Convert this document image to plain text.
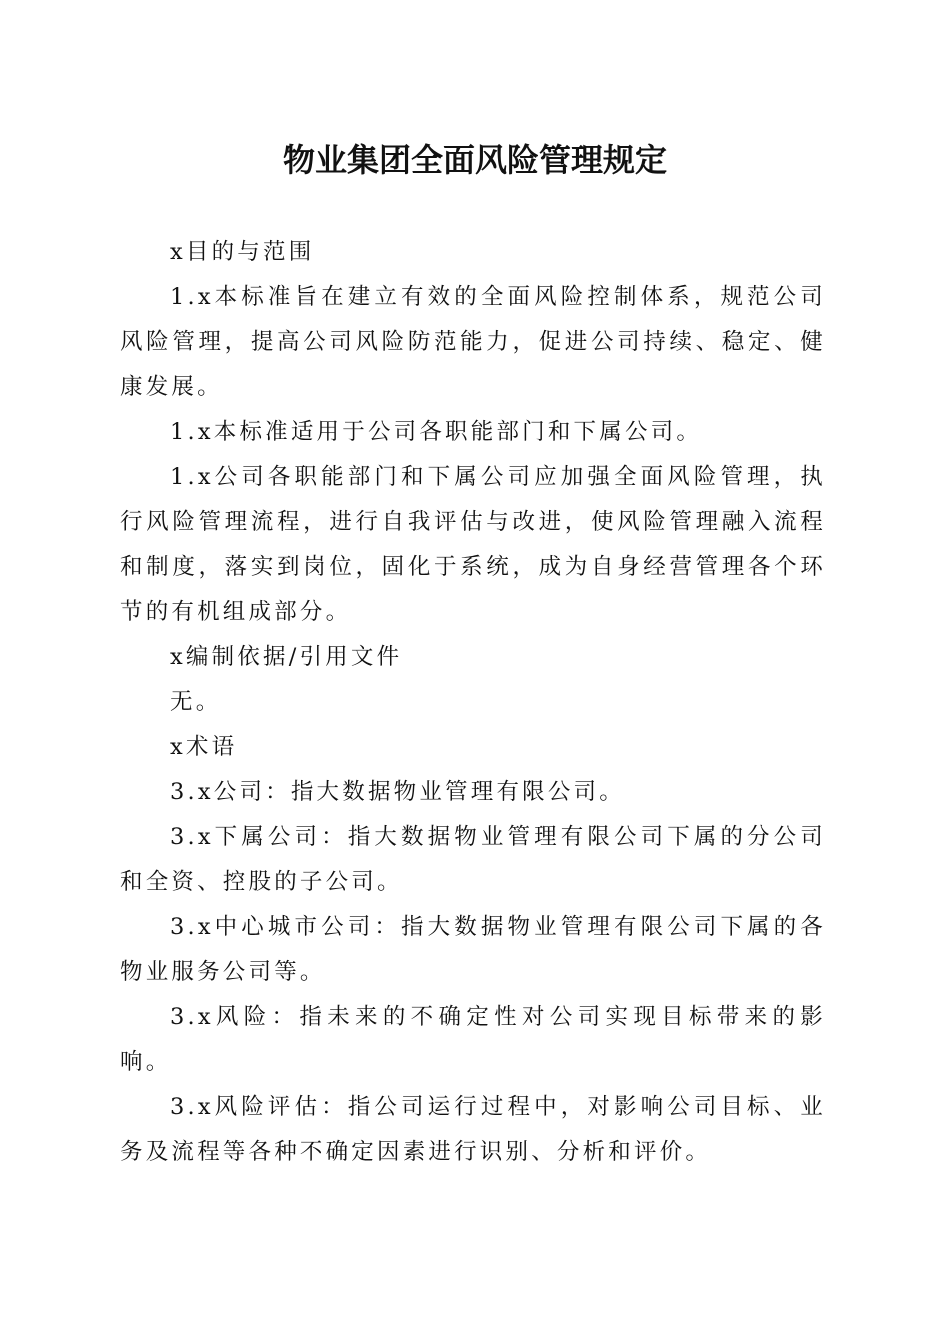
物业集团全面风险管理规定

x目的与范围

1.x本标准旨在建立有效的全面风险控制体系，规范公司风险管理，提高公司风险防范能力，促进公司持续、稳定、健康发展。

1.x本标准适用于公司各职能部门和下属公司。

1.x公司各职能部门和下属公司应加强全面风险管理，执行风险管理流程，进行自我评估与改进，使风险管理融入流程和制度，落实到岗位，固化于系统，成为自身经营管理各个环节的有机组成部分。

x编制依据/引用文件

无。

x术语

3.x公司：指大数据物业管理有限公司。

3.x下属公司：指大数据物业管理有限公司下属的分公司和全资、控股的子公司。

3.x中心城市公司：指大数据物业管理有限公司下属的各物业服务公司等。

3.x风险：指未来的不确定性对公司实现目标带来的影响。

3.x风险评估：指公司运行过程中，对影响公司目标、业务及流程等各种不确定因素进行识别、分析和评价。
